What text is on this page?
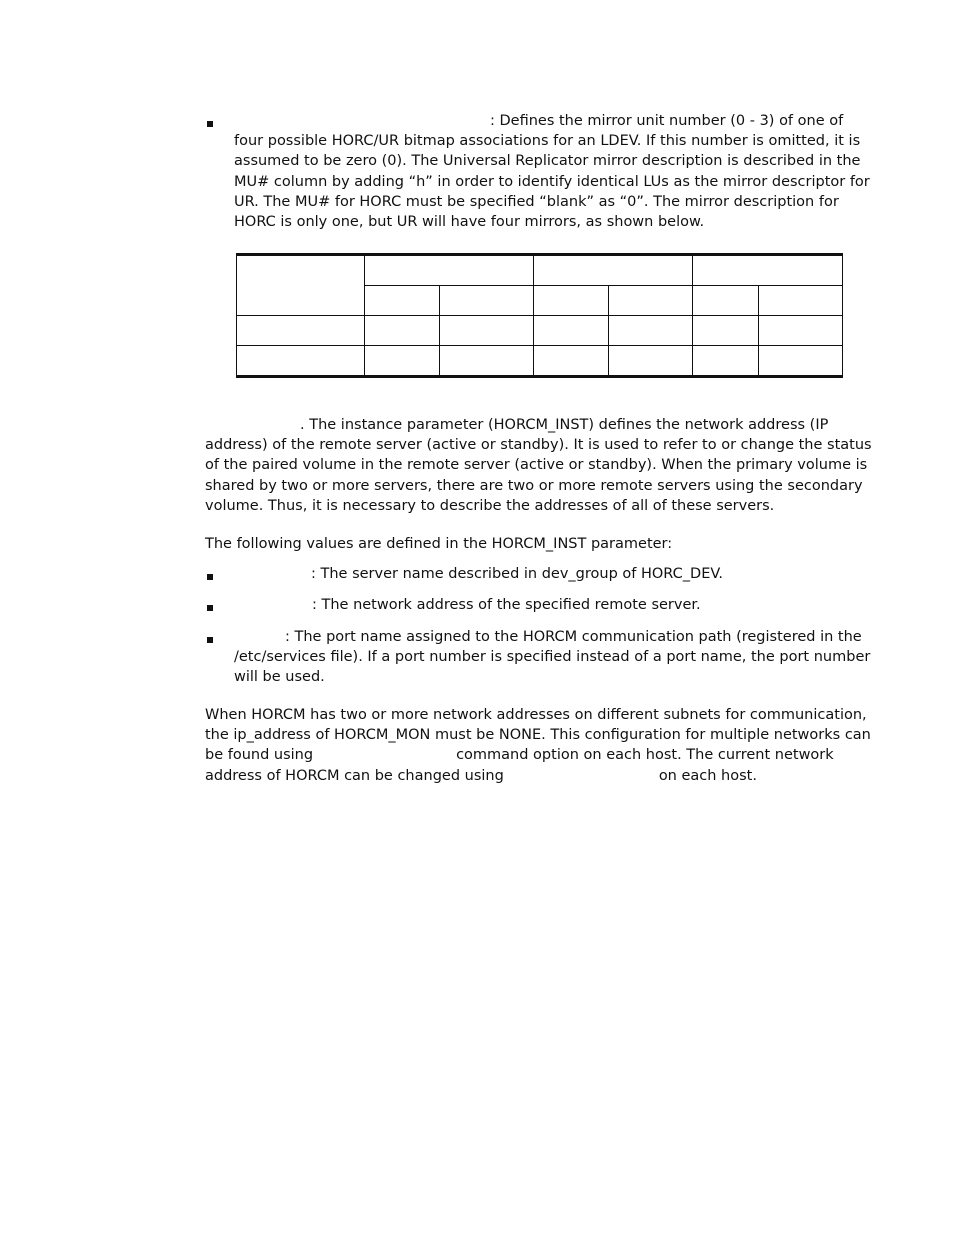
: Defines the mirror unit number (0 - 3) of one of
four possible HORC/UR bitmap associations for an LDEV. If this number is omitted, it is
assumed to be zero (0). The Universal Replicator mirror description is described in the
MU# column by adding “h” in order to identify identical LUs as the mirror descriptor for
UR. The MU# for HORC must be specified “blank” as “0”. The mirror description for
HORC is only one, but UR will have four mirrors, as shown below.

. The instance parameter (HORCM_INST) defines the network address (IP
address) of the remote server (active or standby). It is used to refer to or change the status
of the paired volume in the remote server (active or standby). When the primary volume is
shared by two or more servers, there are two or more remote servers using the secondary
volume. Thus, it is necessary to describe the addresses of all of these servers.
The following values are defined in the HORCM_INST parameter:
: The server name described in dev_group of HORC_DEV.
: The network address of the specified remote server.
: The port name assigned to the HORCM communication path (registered in the
/etc/services file). If a port number is specified instead of a port name, the port number
will be used.
When HORCM has two or more network addresses on different subnets for communication,
the ip_address of HORCM_MON must be NONE. This configuration for multiple networks can
be found using	command option on each host. The current network
address of HORCM can be changed using	on each host.
